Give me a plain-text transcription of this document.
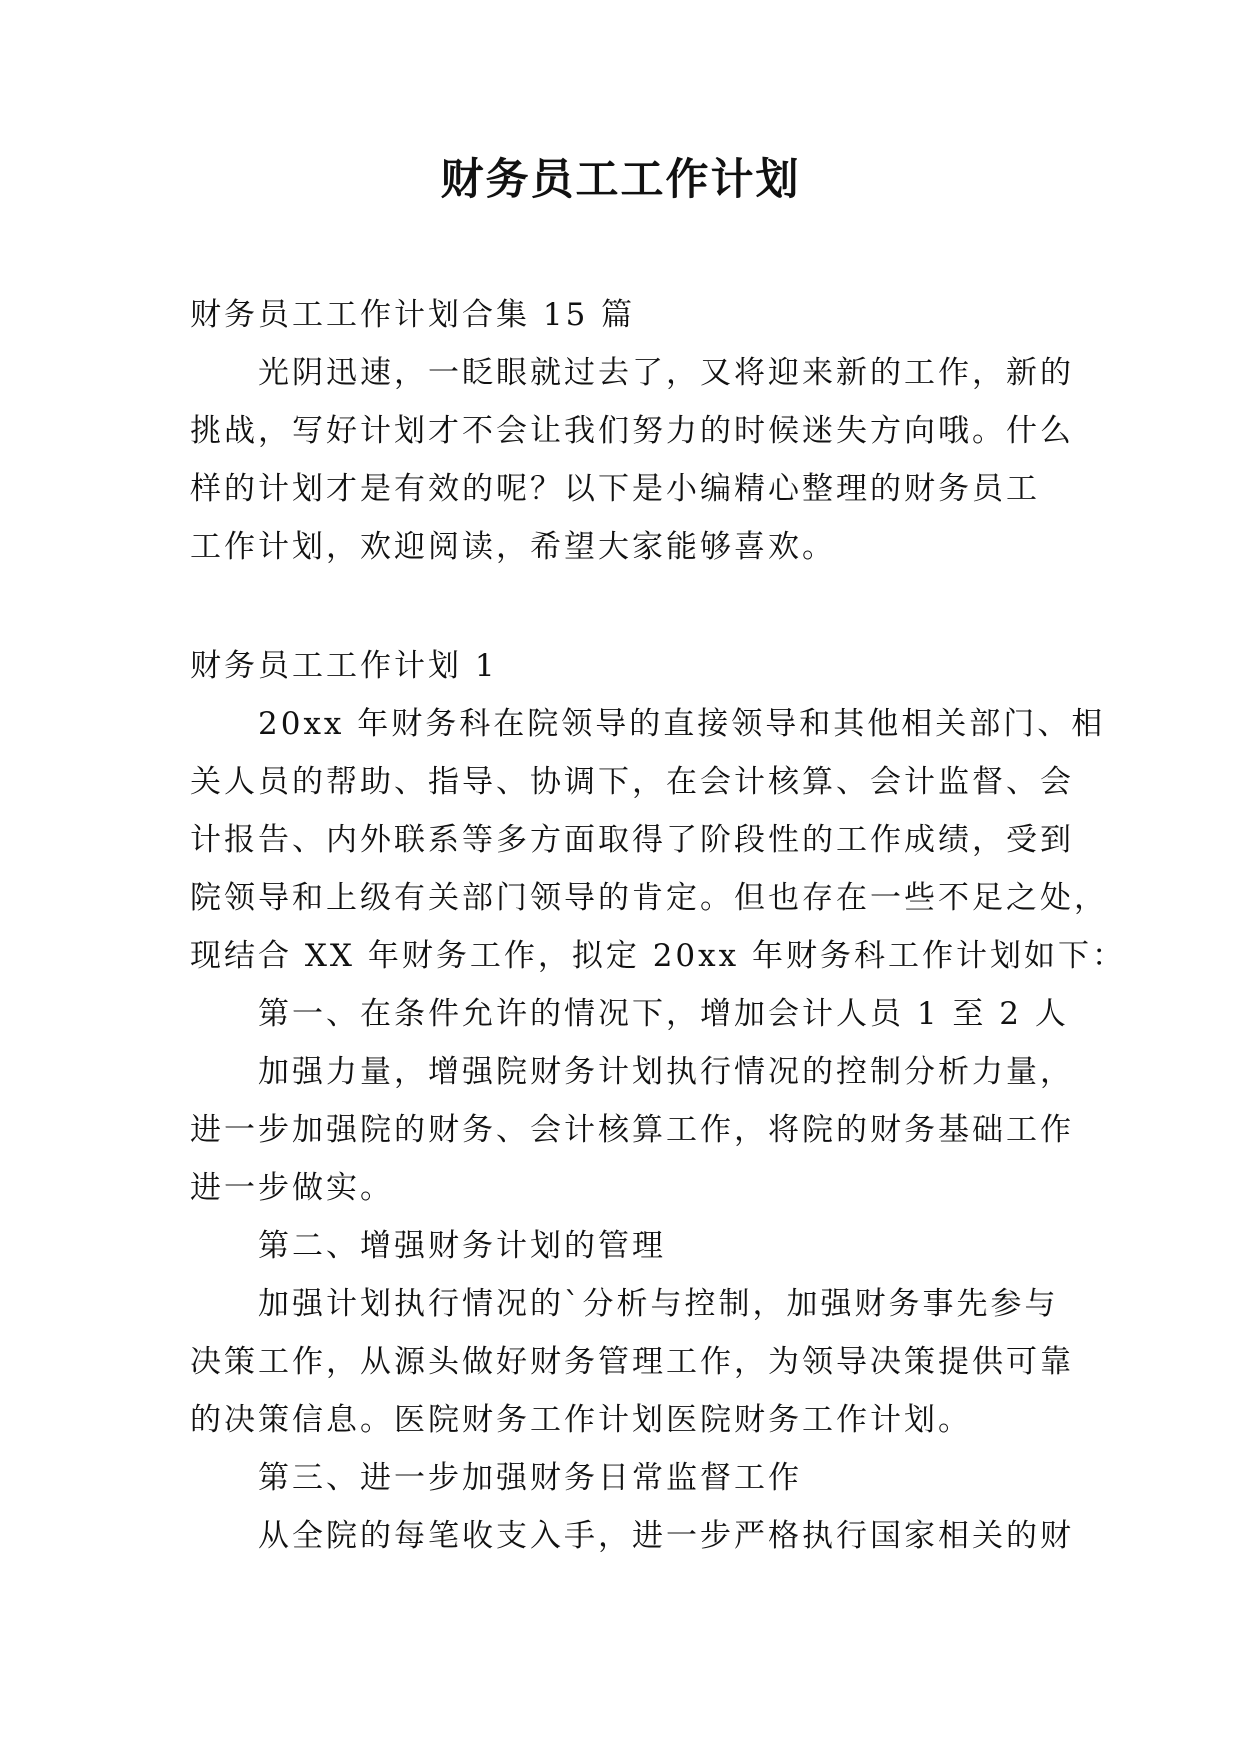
财务员工工作计划
财务员工工作计划合集 15 篇
光阴迅速，一眨眼就过去了，又将迎来新的工作，新的
挑战，写好计划才不会让我们努力的时候迷失方向哦。什么
样的计划才是有效的呢？以下是小编精心整理的财务员工
工作计划，欢迎阅读，希望大家能够喜欢。
财务员工工作计划 1
20xx 年财务科在院领导的直接领导和其他相关部门、相
关人员的帮助、指导、协调下，在会计核算、会计监督、会
计报告、内外联系等多方面取得了阶段性的工作成绩，受到
院领导和上级有关部门领导的肯定。但也存在一些不足之处，
现结合 XX 年财务工作，拟定 20xx 年财务科工作计划如下：
第一、在条件允许的情况下，增加会计人员 1 至 2 人
加强力量，增强院财务计划执行情况的控制分析力量，
进一步加强院的财务、会计核算工作，将院的财务基础工作
进一步做实。
第二、增强财务计划的管理
加强计划执行情况的`分析与控制，加强财务事先参与
决策工作，从源头做好财务管理工作，为领导决策提供可靠
的决策信息。医院财务工作计划医院财务工作计划。
第三、进一步加强财务日常监督工作
从全院的每笔收支入手，进一步严格执行国家相关的财
